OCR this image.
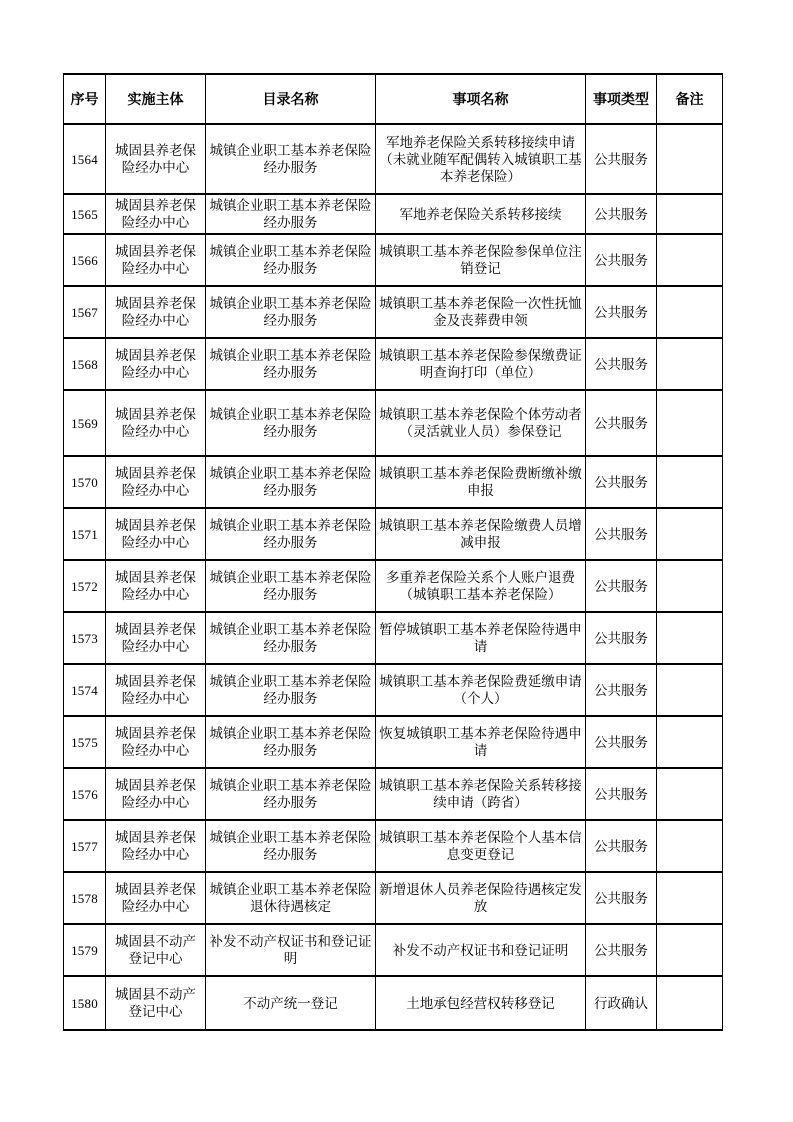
序号	实施主体	目录名称	事项名称	事项类型	备注
1564	城固县养老保险经办中心	城镇企业职工基本养老保险经办服务	军地养老保险关系转移接续申请（未就业随军配偶转入城镇职工基本养老保险）	公共服务	
1565	城固县养老保险经办中心	城镇企业职工基本养老保险经办服务	军地养老保险关系转移接续	公共服务	
1566	城固县养老保险经办中心	城镇企业职工基本养老保险经办服务	城镇职工基本养老保险参保单位注销登记	公共服务	
1567	城固县养老保险经办中心	城镇企业职工基本养老保险经办服务	城镇职工基本养老保险一次性抚恤金及丧葬费申领	公共服务	
1568	城固县养老保险经办中心	城镇企业职工基本养老保险经办服务	城镇职工基本养老保险参保缴费证明查询打印（单位）	公共服务	
1569	城固县养老保险经办中心	城镇企业职工基本养老保险经办服务	城镇职工基本养老保险个体劳动者（灵活就业人员）参保登记	公共服务	
1570	城固县养老保险经办中心	城镇企业职工基本养老保险经办服务	城镇职工基本养老保险费断缴补缴申报	公共服务	
1571	城固县养老保险经办中心	城镇企业职工基本养老保险经办服务	城镇职工基本养老保险缴费人员增减申报	公共服务	
1572	城固县养老保险经办中心	城镇企业职工基本养老保险经办服务	多重养老保险关系个人账户退费（城镇职工基本养老保险）	公共服务	
1573	城固县养老保险经办中心	城镇企业职工基本养老保险经办服务	暂停城镇职工基本养老保险待遇申请	公共服务	
1574	城固县养老保险经办中心	城镇企业职工基本养老保险经办服务	城镇职工基本养老保险费延缴申请（个人）	公共服务	
1575	城固县养老保险经办中心	城镇企业职工基本养老保险经办服务	恢复城镇职工基本养老保险待遇申请	公共服务	
1576	城固县养老保险经办中心	城镇企业职工基本养老保险经办服务	城镇职工基本养老保险关系转移接续申请（跨省）	公共服务	
1577	城固县养老保险经办中心	城镇企业职工基本养老保险经办服务	城镇职工基本养老保险个人基本信息变更登记	公共服务	
1578	城固县养老保险经办中心	城镇企业职工基本养老保险退休待遇核定	新增退休人员养老保险待遇核定发放	公共服务	
1579	城固县不动产登记中心	补发不动产权证书和登记证明	补发不动产权证书和登记证明	公共服务	
1580	城固县不动产登记中心	不动产统一登记	土地承包经营权转移登记	行政确认	
